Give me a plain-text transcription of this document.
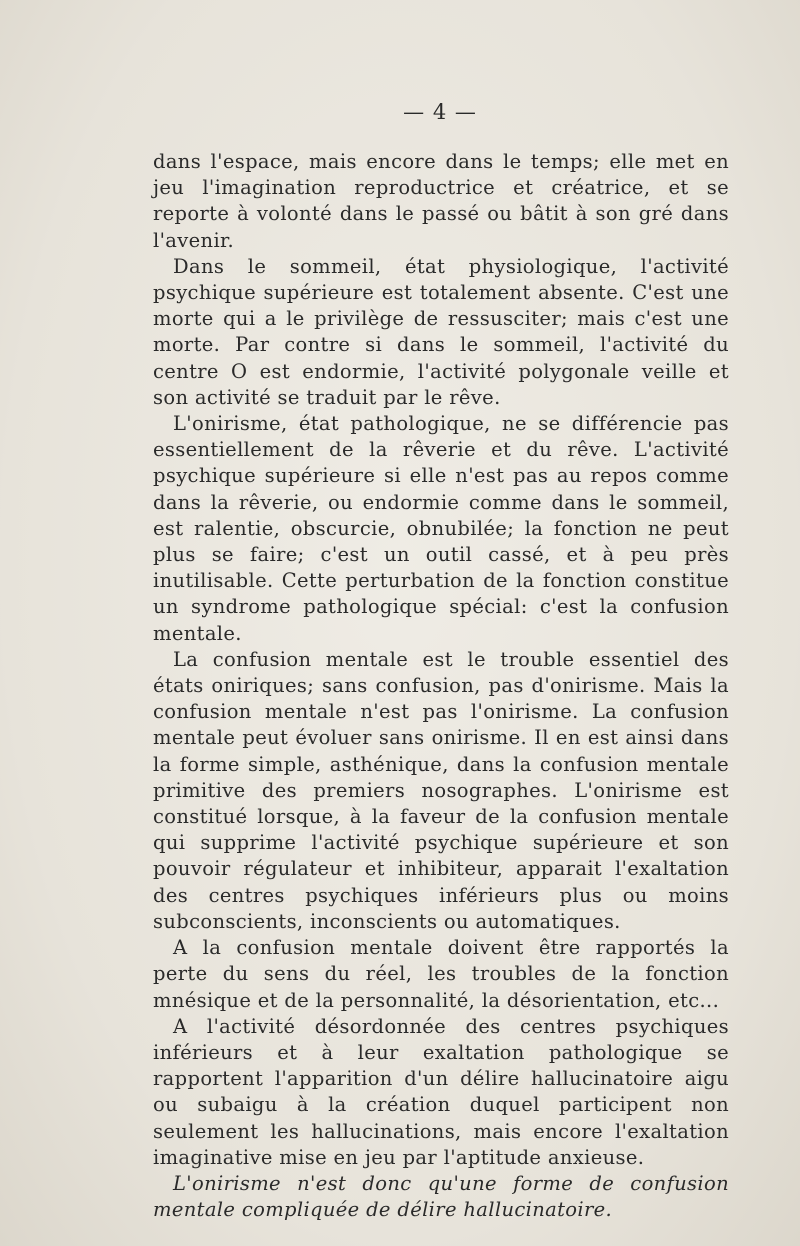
— 4 —

dans l'espace, mais encore dans le temps; elle met en jeu l'imagination reproductrice et créatrice, et se reporte à volonté dans le passé ou bâtit à son gré dans l'avenir.

Dans le sommeil, état physiologique, l'activité psychique supérieure est totalement absente. C'est une morte qui a le privilège de ressusciter; mais c'est une morte. Par contre si dans le sommeil, l'activité du centre O est endormie, l'activité polygonale veille et son activité se traduit par le rêve.

L'onirisme, état pathologique, ne se différencie pas essentiellement de la rêverie et du rêve. L'activité psychique supérieure si elle n'est pas au repos comme dans la rêverie, ou endormie comme dans le sommeil, est ralentie, obscurcie, obnubilée; la fonction ne peut plus se faire; c'est un outil cassé, et à peu près inutilisable. Cette perturbation de la fonction constitue un syndrome pathologique spécial: c'est la confusion mentale.

La confusion mentale est le trouble essentiel des états oniriques; sans confusion, pas d'onirisme. Mais la confusion mentale n'est pas l'onirisme. La confusion mentale peut évoluer sans onirisme. Il en est ainsi dans la forme simple, asthénique, dans la confusion mentale primitive des premiers nosographes. L'onirisme est constitué lorsque, à la faveur de la confusion mentale qui supprime l'activité psychique supérieure et son pouvoir régulateur et inhibiteur, apparait l'exaltation des centres psychiques inférieurs plus ou moins subconscients, inconscients ou automatiques.

A la confusion mentale doivent être rapportés la perte du sens du réel, les troubles de la fonction mnésique et de la personnalité, la désorientation, etc...

A l'activité désordonnée des centres psychiques inférieurs et à leur exaltation pathologique se rapportent l'apparition d'un délire hallucinatoire aigu ou subaigu à la création duquel participent non seulement les hallucinations, mais encore l'exaltation imaginative mise en jeu par l'aptitude anxieuse.

L'onirisme n'est donc qu'une forme de confusion mentale compliquée de délire hallucinatoire.
